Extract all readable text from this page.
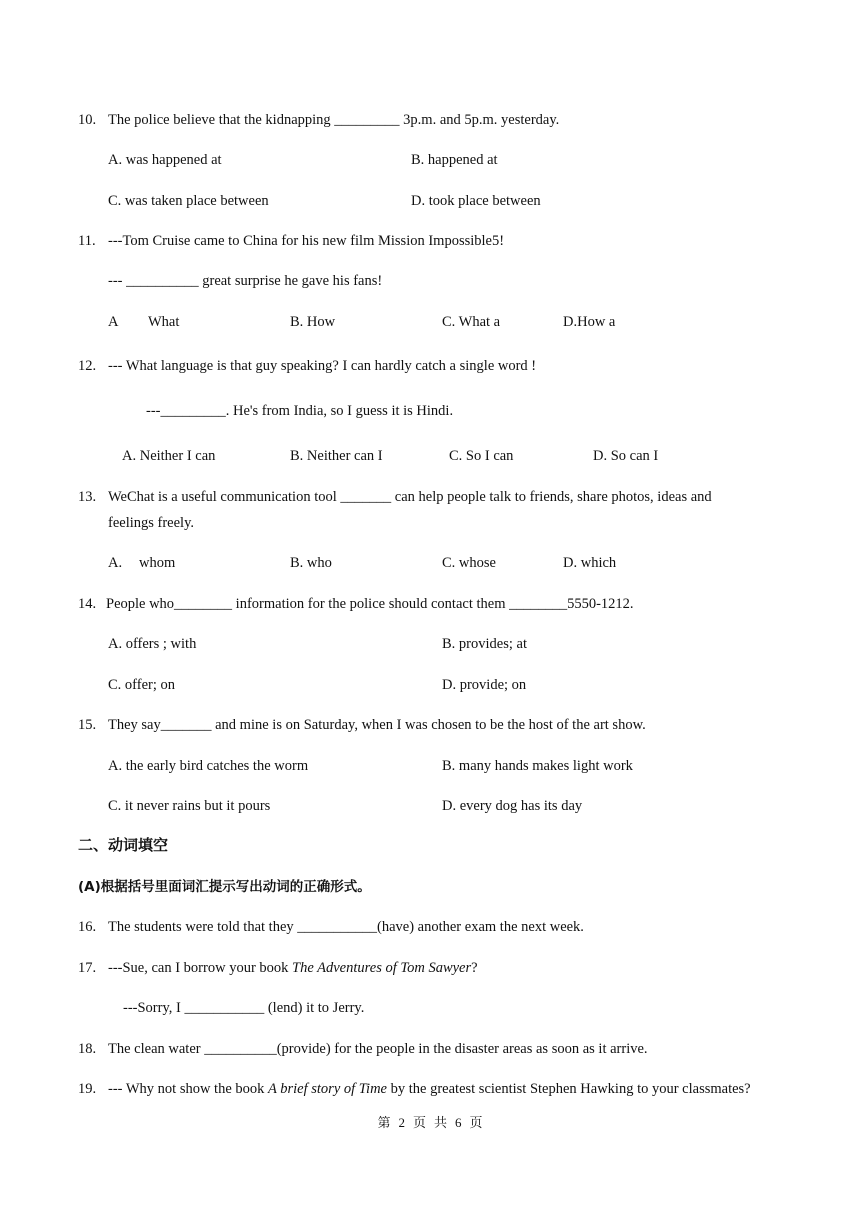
10. The police believe that the kidnapping _________ 3p.m. and 5p.m. yesterday.
A. was happened at	B. happened at
C. was taken place between	D. took place between
11. ---Tom Cruise came to China for his new film Mission Impossible5!
--- __________ great surprise he gave his fans!
A What	B. How	C. What a	D.How a
12. --- What language is that guy speaking? I can hardly catch a single word !
---_________. He's from India, so I guess it is Hindi.
A. Neither I can	B. Neither can I	C. So I can	D. So can I
13. WeChat is a useful communication tool _______ can help people talk to friends, share photos, ideas and
feelings freely.
A. whom	B. who	C. whose	D. which
14. People who________ information for the police should contact them ________5550-1212.
A. offers ; with	B. provides; at
C. offer; on	D. provide; on
15. They say_______ and mine is on Saturday, when I was chosen to be the host of the art show.
A. the early bird catches the worm	B. many hands makes light work
C. it never rains but it pours	D. every dog has its day
二、动词填空
(A)根据括号里面词汇提示写出动词的正确形式。
16. The students were told that they ___________(have) another exam the next week.
17. ---Sue, can I borrow your book The Adventures of Tom Sawyer?
---Sorry, I ___________ (lend) it to Jerry.
18. The clean water __________(provide) for the people in the disaster areas as soon as it arrive.
19. --- Why not show the book A brief story of Time by the greatest scientist Stephen Hawking to your classmates?
第 2 页 共 6 页
